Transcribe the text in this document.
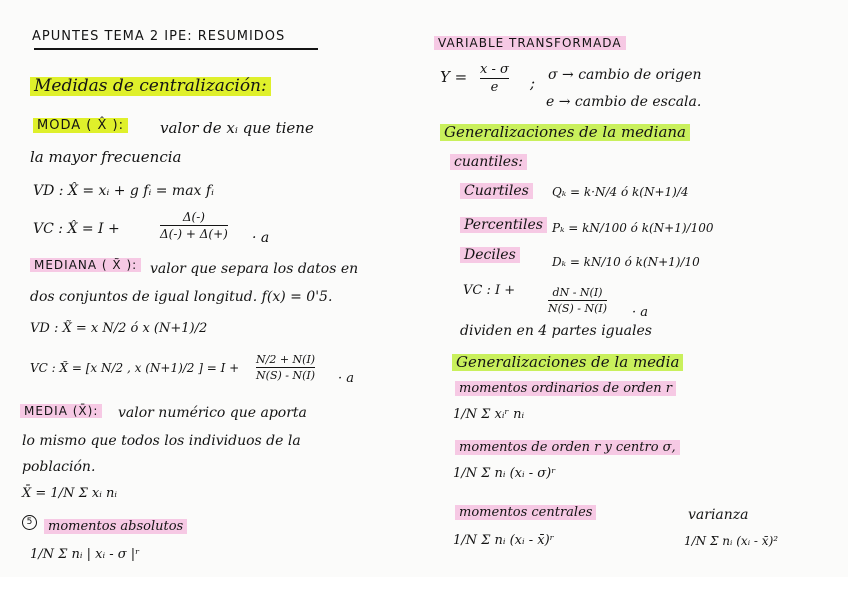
APUNTES TEMA 2 IPE: RESUMIDOS
Medidas de centralización:
MODA ( X̂ ): valor de xᵢ que tiene
la mayor frecuencia
VD : X̂ = xᵢ + g fᵢ = max fᵢ
VC : X̂ = I +
Δ(-)
Δ(-) + Δ(+) · a
MEDIANA ( X̃ ): valor que separa los datos en
dos conjuntos de igual longitud. f(x) = 0'5.
VD : X̃ = x N/2 ó x (N+1)/2
VC : X̃ = [x N/2 , x (N+1)/2 ] = I +
N/2 + N(I)
N(S) - N(I) · a
MEDIA (X̄): valor numérico que aporta
lo mismo que todos los individuos de la
población.
X̄ = 1/N Σ xᵢ nᵢ
5	momentos absolutos
1/N Σ nᵢ | xᵢ - σ |ʳ
VARIABLE TRANSFORMADA
Y = x - σ
e	; σ → cambio de origen
e → cambio de escala.
Generalizaciones de la mediana
cuantiles:
Cuartiles	Qₖ = k·N/4 ó k(N+1)/4
Percentiles Pₖ = kN/100 ó k(N+1)/100
Deciles	Dₖ = kN/10 ó k(N+1)/10
VC : I +	dN - N(I)
N(S) - N(I) · a
dividen en 4 partes iguales
Generalizaciones de la media
momentos ordinarios de orden r
1/N Σ xᵢʳ nᵢ
momentos de orden r y centro σ,
1/N Σ nᵢ (xᵢ - σ)ʳ
momentos centrales
1/N Σ nᵢ (xᵢ - x̄)ʳ
varianza
1/N Σ nᵢ (xᵢ - x̄)²
